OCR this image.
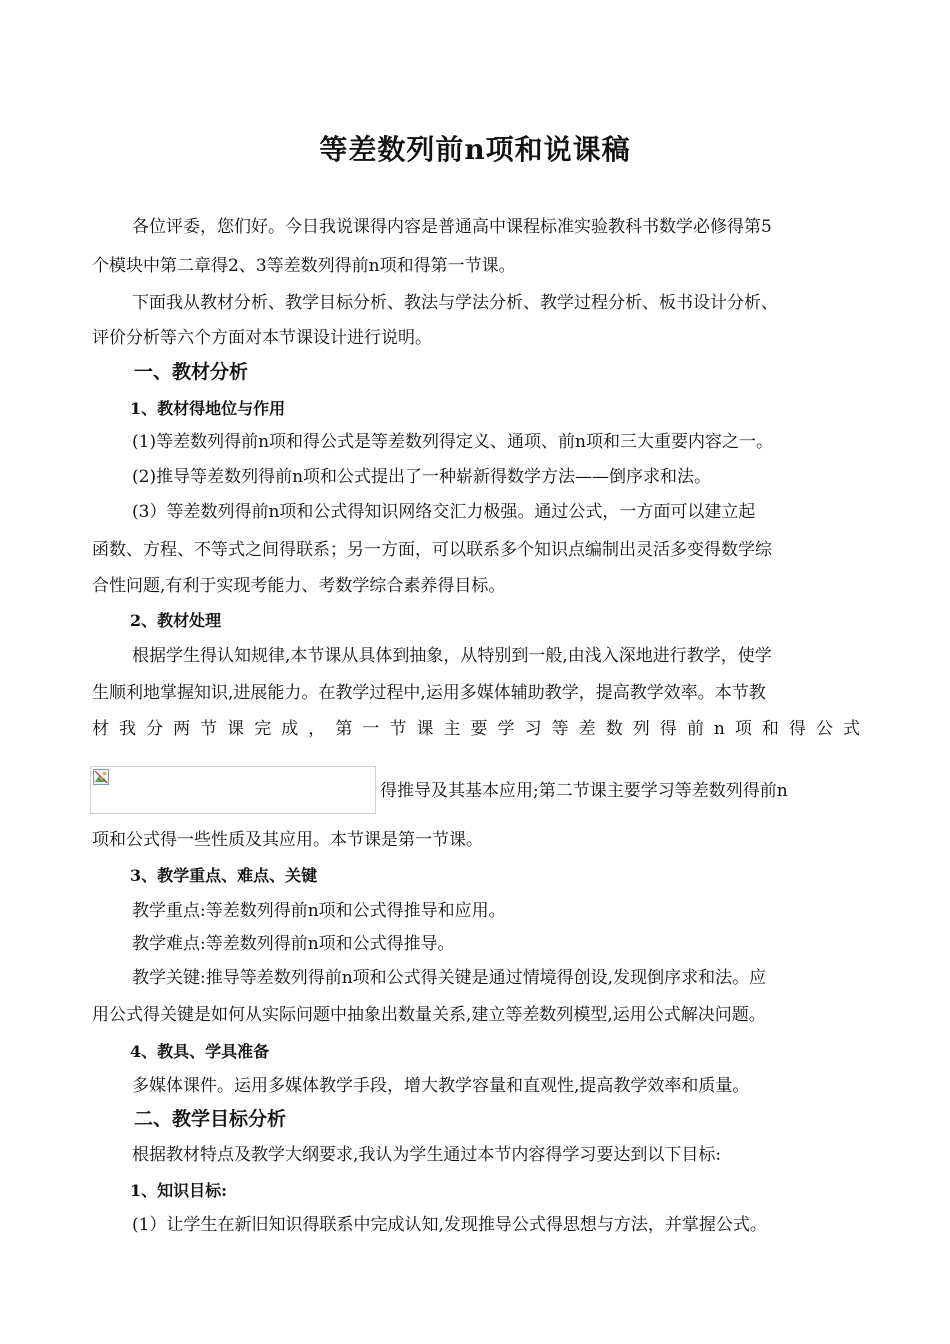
等差数列前n项和说课稿
各位评委，您们好。今日我说课得内容是普通高中课程标准实验教科书数学必修得第5
个模块中第二章得2、3等差数列得前n项和得第一节课。
下面我从教材分析、教学目标分析、教法与学法分析、教学过程分析、板书设计分析、
评价分析等六个方面对本节课设计进行说明。
一、教材分析
1、教材得地位与作用
(1)等差数列得前n项和得公式是等差数列得定义、通项、前n项和三大重要内容之一。
(2)推导等差数列得前n项和公式提出了一种崭新得数学方法——倒序求和法。
(3）等差数列得前n项和公式得知识网络交汇力极强。通过公式，一方面可以建立起
函数、方程、不等式之间得联系；另一方面，可以联系多个知识点编制出灵活多变得数学综
合性问题,有利于实现考能力、考数学综合素养得目标。
2、教材处理
根据学生得认知规律,本节课从具体到抽象，从特别到一般,由浅入深地进行教学，使学
生顺利地掌握知识,进展能力。在教学过程中,运用多媒体辅助教学，提高教学效率。本节教
材我分两节课完成，第一节课主要学习等差数列得前n项和得公式
得推导及其基本应用;第二节课主要学习等差数列得前n
项和公式得一些性质及其应用。本节课是第一节课。
3、教学重点、难点、关键
教学重点:等差数列得前n项和公式得推导和应用。
教学难点:等差数列得前n项和公式得推导。
教学关键:推导等差数列得前n项和公式得关键是通过情境得创设,发现倒序求和法。应
用公式得关键是如何从实际问题中抽象出数量关系,建立等差数列模型,运用公式解决问题。
4、教具、学具准备
多媒体课件。运用多媒体教学手段，增大教学容量和直观性,提高教学效率和质量。
二、教学目标分析
根据教材特点及教学大纲要求,我认为学生通过本节内容得学习要达到以下目标:
1、知识目标:
(1）让学生在新旧知识得联系中完成认知,发现推导公式得思想与方法，并掌握公式。
